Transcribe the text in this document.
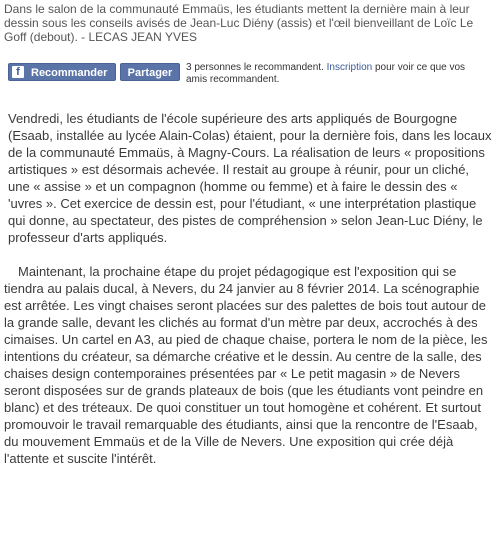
Dans le salon de la communauté Emmaüs, les étudiants mettent la dernière main à leur dessin sous les conseils avisés de Jean-Luc Diény (assis) et l'œil bienveillant de Loïc Le Goff (debout). - LECAS JEAN YVES
f	Recommander	Partager	3 personnes le recommandent. Inscription pour voir ce que vos amis recommandent.

Vendredi, les étudiants de l'école supérieure des arts appliqués de Bourgogne (Esaab, installée au lycée Alain-Colas) étaient, pour la dernière fois, dans les locaux de la communauté Emmaüs, à Magny-Cours. La réalisation de leurs « propositions artistiques » est désormais achevée. Il restait au groupe à réunir, pour un cliché, une « assise » et un compagnon (homme ou femme) et à faire le dessin des « 'uvres ». Cet exercice de dessin est, pour l'étudiant, « une interprétation plastique qui donne, au spectateur, des pistes de compréhension » selon Jean-Luc Diény, le professeur d'arts appliqués.

Maintenant, la prochaine étape du projet pédagogique est l'exposition qui se tiendra au palais ducal, à Nevers, du 24 janvier au 8 février 2014. La scénographie est arrêtée. Les vingt chaises seront placées sur des palettes de bois tout autour de la grande salle, devant les clichés au format d'un mètre par deux, accrochés à des cimaises. Un cartel en A3, au pied de chaque chaise, portera le nom de la pièce, les intentions du créateur, sa démarche créative et le dessin. Au centre de la salle, des chaises design contemporaines présentées par « Le petit magasin » de Nevers seront disposées sur de grands plateaux de bois (que les étudiants vont peindre en blanc) et des tréteaux. De quoi constituer un tout homogène et cohérent. Et surtout promouvoir le travail remarquable des étudiants, ainsi que la rencontre de l'Esaab, du mouvement Emmaüs et de la Ville de Nevers. Une exposition qui crée déjà l'attente et suscite l'intérêt.
